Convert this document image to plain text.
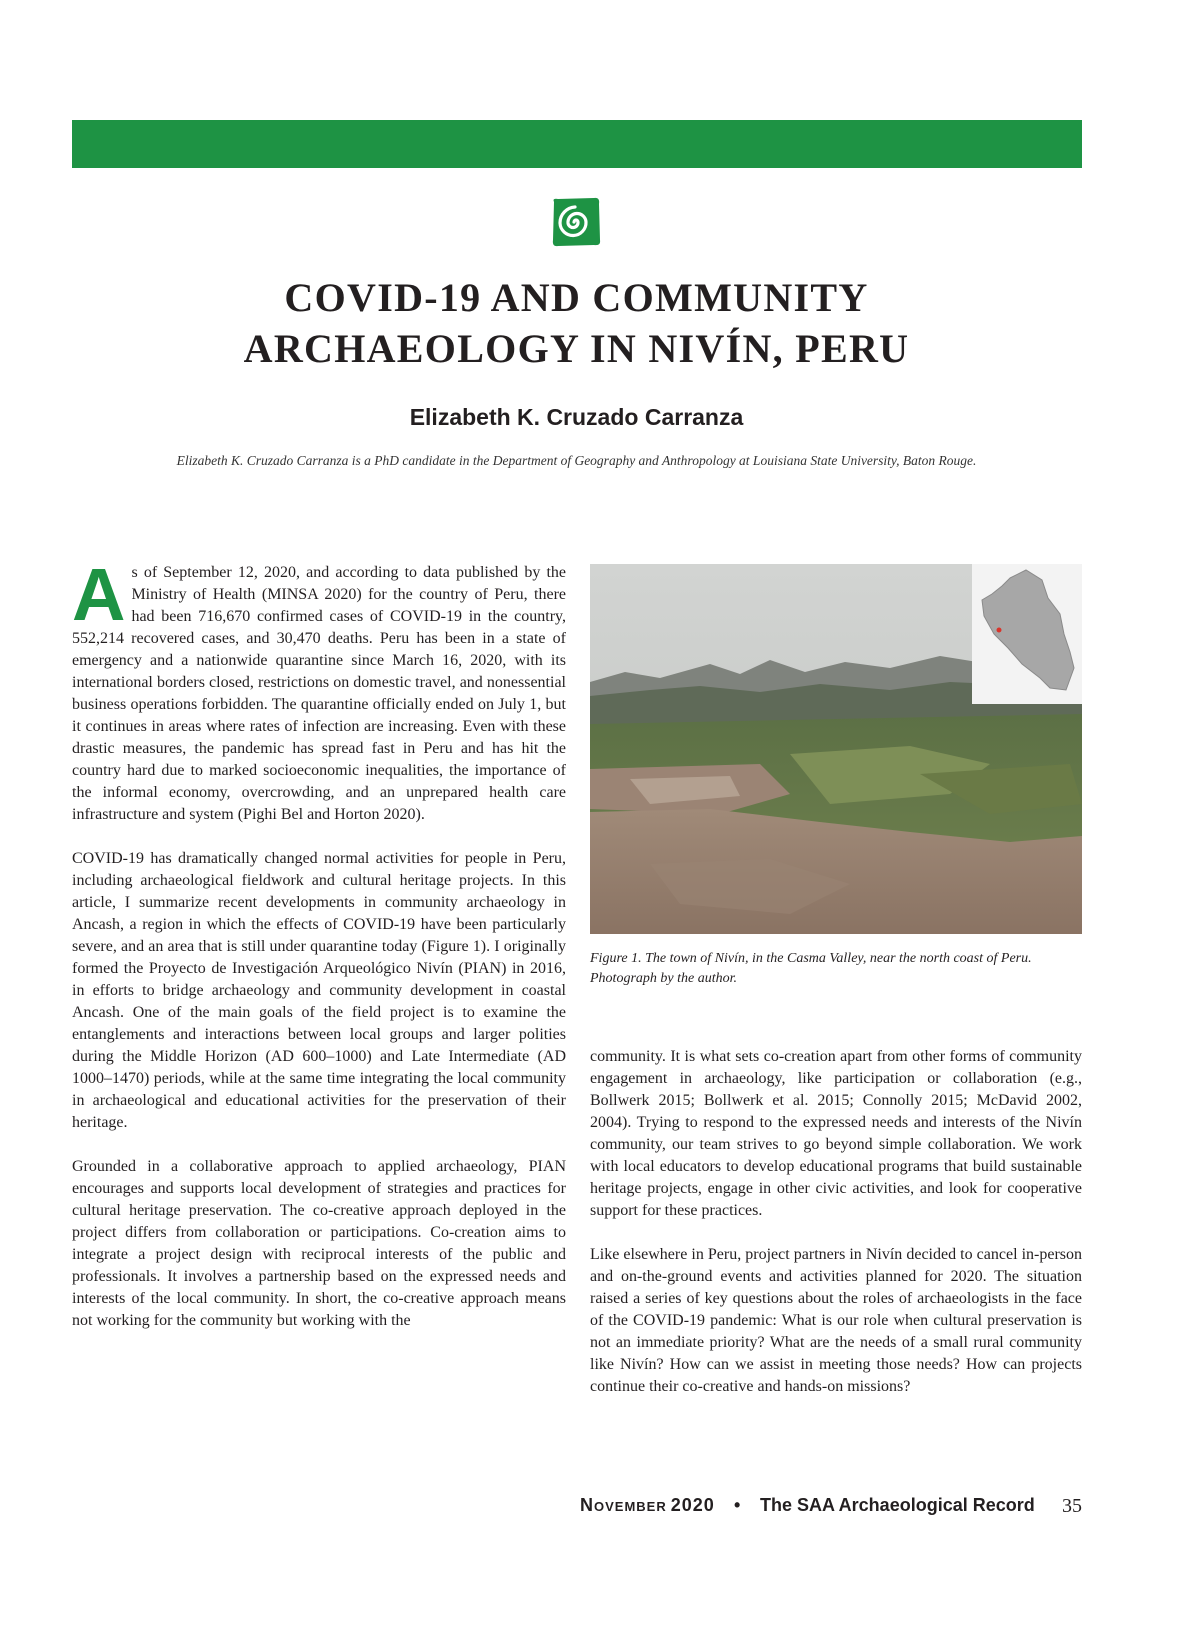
COVID-19 AND COMMUNITY
ARCHAEOLOGY IN NIVÍN, PERU

Elizabeth K. Cruzado Carranza

Elizabeth K. Cruzado Carranza is a PhD candidate in the Department of Geography and Anthropology at Louisiana State University, Baton Rouge.

As of September 12, 2020, and according to data published by the Ministry of Health (MINSA 2020) for the country of Peru, there had been 716,670 confirmed cases of COVID-19 in the country, 552,214 recovered cases, and 30,470 deaths. Peru has been in a state of emergency and a nationwide quarantine since March 16, 2020, with its international borders closed, restrictions on domestic travel, and nonessential business operations forbidden. The quarantine officially ended on July 1, but it continues in areas where rates of infection are increasing. Even with these drastic measures, the pandemic has spread fast in Peru and has hit the country hard due to marked socioeconomic inequalities, the importance of the informal economy, overcrowding, and an unprepared health care infrastructure and system (Pighi Bel and Horton 2020).

COVID-19 has dramatically changed normal activities for people in Peru, including archaeological fieldwork and cultural heritage projects. In this article, I summarize recent developments in community archaeology in Ancash, a region in which the effects of COVID-19 have been particularly severe, and an area that is still under quarantine today (Figure 1). I originally formed the Proyecto de Investigación Arqueológico Nivín (PIAN) in 2016, in efforts to bridge archaeology and community development in coastal Ancash. One of the main goals of the field project is to examine the entanglements and interactions between local groups and larger polities during the Middle Horizon (AD 600–1000) and Late Intermediate (AD 1000–1470) periods, while at the same time integrating the local community in archaeological and educational activities for the preservation of their heritage.

Grounded in a collaborative approach to applied archaeology, PIAN encourages and supports local development of strategies and practices for cultural heritage preservation. The co-creative approach deployed in the project differs from collaboration or participations. Co-creation aims to integrate a project design with reciprocal interests of the public and professionals. It involves a partnership based on the expressed needs and interests of the local community. In short, the co-creative approach means not working for the community but working with the

Figure 1. The town of Nivín, in the Casma Valley, near the north coast of Peru. Photograph by the author.

community. It is what sets co-creation apart from other forms of community engagement in archaeology, like participation or collaboration (e.g., Bollwerk 2015; Bollwerk et al. 2015; Connolly 2015; McDavid 2002, 2004). Trying to respond to the expressed needs and interests of the Nivín community, our team strives to go beyond simple collaboration. We work with local educators to develop educational programs that build sustainable heritage projects, engage in other civic activities, and look for cooperative support for these practices.

Like elsewhere in Peru, project partners in Nivín decided to cancel in-person and on-the-ground events and activities planned for 2020. The situation raised a series of key questions about the roles of archaeologists in the face of the COVID-19 pandemic: What is our role when cultural preservation is not an immediate priority? What are the needs of a small rural community like Nivín? How can we assist in meeting those needs? How can projects continue their co-creative and hands-on missions?

November 2020 • The SAA Archaeological Record 35
